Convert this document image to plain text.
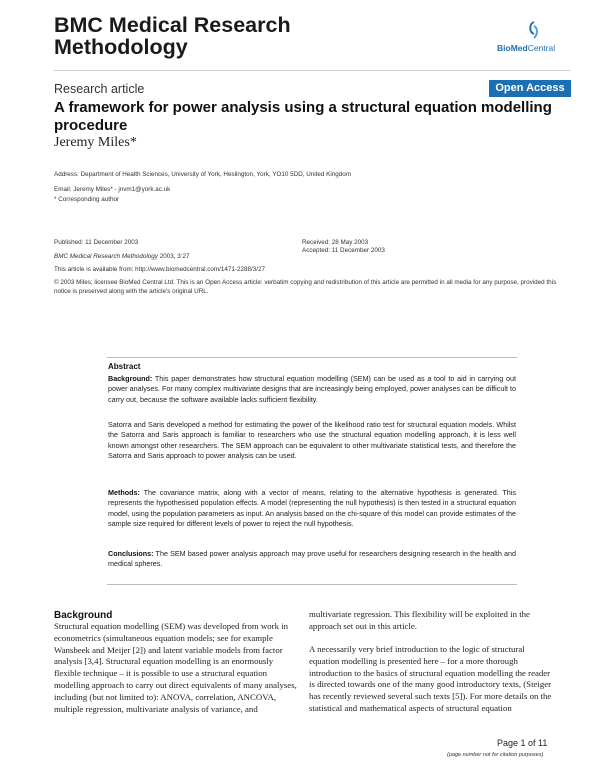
BMC Medical Research Methodology	BioMedCentral
Research article	Open Access
A framework for power analysis using a structural equation modelling procedure
Jeremy Miles*
Address: Department of Health Sciences, University of York, Heslington, York, YO10 5DD, United Kingdom
Email: Jeremy Miles* - jnvm1@york.ac.uk
* Corresponding author
Published: 11 December 2003
BMC Medical Research Methodology 2003, 3:27
Received: 28 May 2003
Accepted: 11 December 2003
This article is available from: http://www.biomedcentral.com/1471-2288/3/27
© 2003 Miles; licensee BioMed Central Ltd. This is an Open Access article: verbatim copying and redistribution of this article are permitted in all media for any purpose, provided this notice is preserved along with the article's original URL.
Abstract
Background: This paper demonstrates how structural equation modelling (SEM) can be used as a tool to aid in carrying out power analyses. For many complex multivariate designs that are increasingly being employed, power analyses can be difficult to carry out, because the software available lacks sufficient flexibility.
Satorra and Saris developed a method for estimating the power of the likelihood ratio test for structural equation models. Whilst the Satorra and Saris approach is familiar to researchers who use the structural equation modelling approach, it is less well known amongst other researchers. The SEM approach can be equivalent to other multivariate statistical tests, and therefore the Satorra and Saris approach to power analysis can be used.
Methods: The covariance matrix, along with a vector of means, relating to the alternative hypothesis is generated. This represents the hypothesised population effects. A model (representing the null hypothesis) is then tested in a structural equation model, using the population parameters as input. An analysis based on the chi-square of this model can provide estimates of the sample size required for different levels of power to reject the null hypothesis.
Conclusions: The SEM based power analysis approach may prove useful for researchers designing research in the health and medical spheres.
Background
Structural equation modelling (SEM) was developed from work in econometrics (simultaneous equation models; see for example Wansbeek and Meijer [2]) and latent variable models from factor analysis [3,4]. Structural equation modelling is an enormously flexible technique – it is possible to use a structural equation modelling approach to carry out direct equivalents of many analyses, including (but not limited to): ANOVA, correlation, ANCOVA, multiple regression, multivariate analysis of variance, and
multivariate regression. This flexibility will be exploited in the approach set out in this article.
A necessarily very brief introduction to the logic of structural equation modelling is presented here – for a more thorough introduction to the basics of structural equation modelling the reader is directed towards one of the many good introductory texts, (Steiger has recently reviewed several such texts [5]). For more details on the statistical and mathematical aspects of structural equation
Page 1 of 11
(page number not for citation purposes)
